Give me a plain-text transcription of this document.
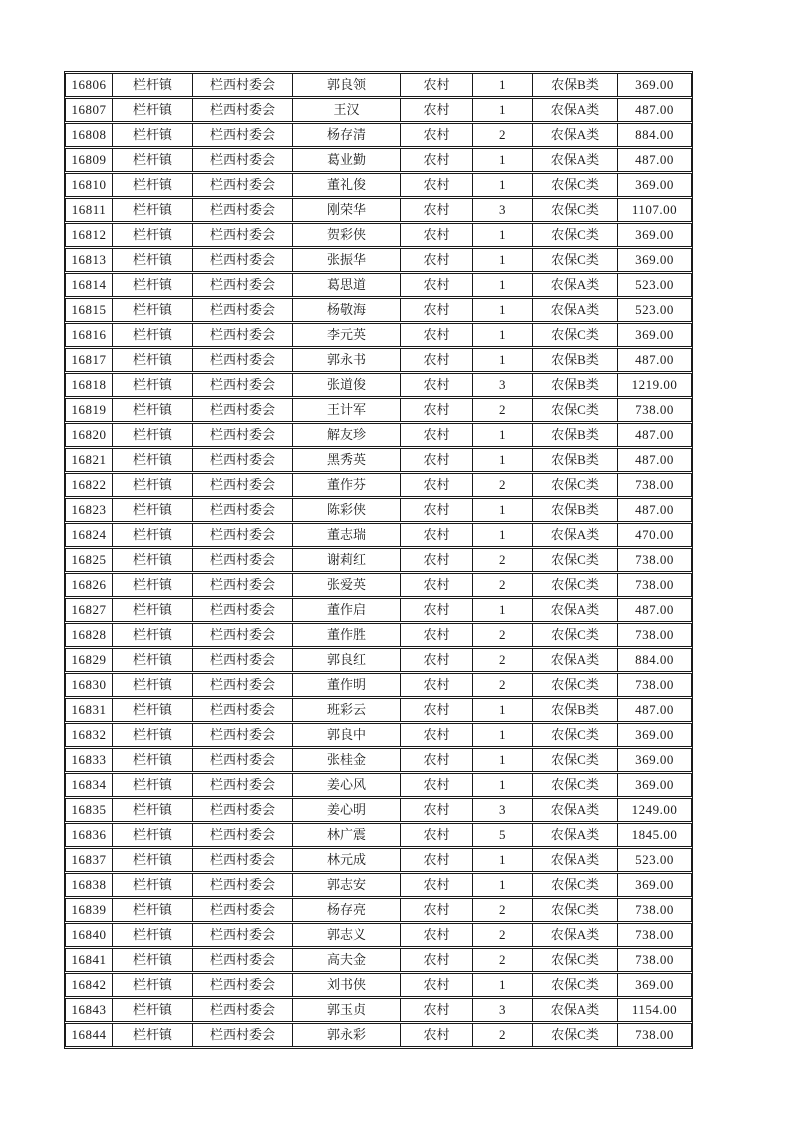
16806	栏杆镇	栏西村委会	郭良领	农村	1	农保B类	369.00
16807	栏杆镇	栏西村委会	王汉	农村	1	农保A类	487.00
16808	栏杆镇	栏西村委会	杨存清	农村	2	农保A类	884.00
16809	栏杆镇	栏西村委会	葛业勤	农村	1	农保A类	487.00
16810	栏杆镇	栏西村委会	董礼俊	农村	1	农保C类	369.00
16811	栏杆镇	栏西村委会	刚荣华	农村	3	农保C类	1107.00
16812	栏杆镇	栏西村委会	贺彩侠	农村	1	农保C类	369.00
16813	栏杆镇	栏西村委会	张振华	农村	1	农保C类	369.00
16814	栏杆镇	栏西村委会	葛思道	农村	1	农保A类	523.00
16815	栏杆镇	栏西村委会	杨敬海	农村	1	农保A类	523.00
16816	栏杆镇	栏西村委会	李元英	农村	1	农保C类	369.00
16817	栏杆镇	栏西村委会	郭永书	农村	1	农保B类	487.00
16818	栏杆镇	栏西村委会	张道俊	农村	3	农保B类	1219.00
16819	栏杆镇	栏西村委会	王计军	农村	2	农保C类	738.00
16820	栏杆镇	栏西村委会	解友珍	农村	1	农保B类	487.00
16821	栏杆镇	栏西村委会	黑秀英	农村	1	农保B类	487.00
16822	栏杆镇	栏西村委会	董作芬	农村	2	农保C类	738.00
16823	栏杆镇	栏西村委会	陈彩侠	农村	1	农保B类	487.00
16824	栏杆镇	栏西村委会	董志瑞	农村	1	农保A类	470.00
16825	栏杆镇	栏西村委会	谢莉红	农村	2	农保C类	738.00
16826	栏杆镇	栏西村委会	张爱英	农村	2	农保C类	738.00
16827	栏杆镇	栏西村委会	董作启	农村	1	农保A类	487.00
16828	栏杆镇	栏西村委会	董作胜	农村	2	农保C类	738.00
16829	栏杆镇	栏西村委会	郭良红	农村	2	农保A类	884.00
16830	栏杆镇	栏西村委会	董作明	农村	2	农保C类	738.00
16831	栏杆镇	栏西村委会	班彩云	农村	1	农保B类	487.00
16832	栏杆镇	栏西村委会	郭良中	农村	1	农保C类	369.00
16833	栏杆镇	栏西村委会	张桂金	农村	1	农保C类	369.00
16834	栏杆镇	栏西村委会	姜心风	农村	1	农保C类	369.00
16835	栏杆镇	栏西村委会	姜心明	农村	3	农保A类	1249.00
16836	栏杆镇	栏西村委会	林广震	农村	5	农保A类	1845.00
16837	栏杆镇	栏西村委会	林元成	农村	1	农保A类	523.00
16838	栏杆镇	栏西村委会	郭志安	农村	1	农保C类	369.00
16839	栏杆镇	栏西村委会	杨存亮	农村	2	农保C类	738.00
16840	栏杆镇	栏西村委会	郭志义	农村	2	农保A类	738.00
16841	栏杆镇	栏西村委会	高夫金	农村	2	农保C类	738.00
16842	栏杆镇	栏西村委会	刘书侠	农村	1	农保C类	369.00
16843	栏杆镇	栏西村委会	郭玉贞	农村	3	农保A类	1154.00
16844	栏杆镇	栏西村委会	郭永彩	农村	2	农保C类	738.00
